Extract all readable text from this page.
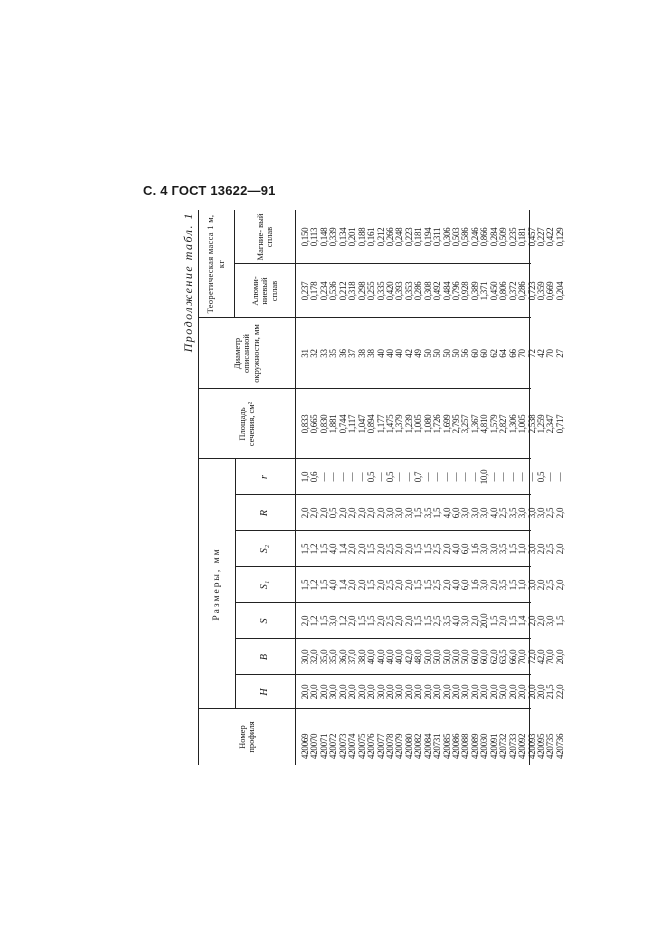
С. 4 ГОСТ 13622—91
Продолжение табл. 1
Размеры, мм
Теоретическая масса 1 м, кг
Номер профиля
H
B
S
S₁
S₂
R
r
Площадь сечения, см²
Диаметр описанной окружности, мм
Алюми- ниевый сплав
Магние- вый сплав
420069 420070 420071 420072 420073 420074 420075 420076 420077 420078 420079 420080 420082 420084 420731 420085 420086 420088 420089 420030 420091 420732 420733 420092 420093 420095 420735 420736
20,0 20,0 20,0 30,0 20,0 20,0 20,0 20,0 30,0 20,0 30,0 20,0 20,0 20,0 20,0 20,0 20,0 30,0 20,0 20,0 20,0 50,0 20,0 20,0 20,0 20,0 21,5 22,0
30,0 32,0 35,0 35,0 36,0 37,0 38,0 40,0 40,0 40,0 40,0 42,0 48,0 50,0 50,0 50,0 50,0 50,0 60,0 60,0 62,0 63,5 66,0 70,0 72,0 42,0 70,0 20,0
2,0 1,2 1,5 3,0 1,2 2,0 1,5 1,5 2,0 2,5 2,0 2,0 1,5 1,5 2,5 3,5 4,0 3,0 2,0 20,0 1,5 2,0 1,5 1,4 2,0 2,0 3,0 1,5
1,5 1,2 1,5 4,0 1,4 2,0 2,0 1,5 2,0 2,5 2,0 2,0 1,5 1,5 2,5 2,0 4,0 6,0 1,6 3,0 2,0 3,5 1,5 1,0 3,0 2,0 2,5 2,0
1,5 1,2 1,5 4,0 1,4 2,0 2,0 1,5 2,0 2,5 2,0 2,0 1,5 1,5 2,5 2,0 4,0 6,0 1,6 3,0 3,0 3,5 1,5 1,0 3,0 2,0 2,5 2,0
2,0 2,0 2,0 0,5 2,0 2,0 2,0 2,0 2,0 3,0 3,0 3,0 1,5 3,5 1,5 4,0 6,0 3,0 3,0 3,0 4,0 2,5 3,5 3,0 3,0 3,0 2,5 2,0
1,0 0,6 — — — — — 0,5 — 0,5 — — 0,7 — — — — — — 10,0 — — — — — 0,5 — —
0,833 0,665 0,830 1,881 0,744 1,117 1,047 0,894 1,177 1,475 1,379 1,239 1,005 1,080 1,726 1,699 2,795 3,257 1,367 4,810 1,579 2,827 1,306 1,005 2,538 1,259 2,347 0,717
31 32 33 35 36 37 38 38 40 40 40 42 49 50 50 50 50 56 60 60 62 64 66 70 72 42 70 27
0,237 0,178 0,234 0,536 0,212 0,318 0,298 0,255 0,335 0,420 0,393 0,353 0,286 0,308 0,492 0,484 0,796 0,928 0,389 1,371 0,450 0,806 0,372 0,286 0,723 0,359 0,669 0,204
0,150 0,113 0,148 0,339 0,134 0,201 0,188 0,161 0,212 0,266 0,248 0,223 0,181 0,194 0,311 0,306 0,503 0,586 0,246 0,866 0,284 0,509 0,235 0,181 0,457 0,227 0,422 0,129
